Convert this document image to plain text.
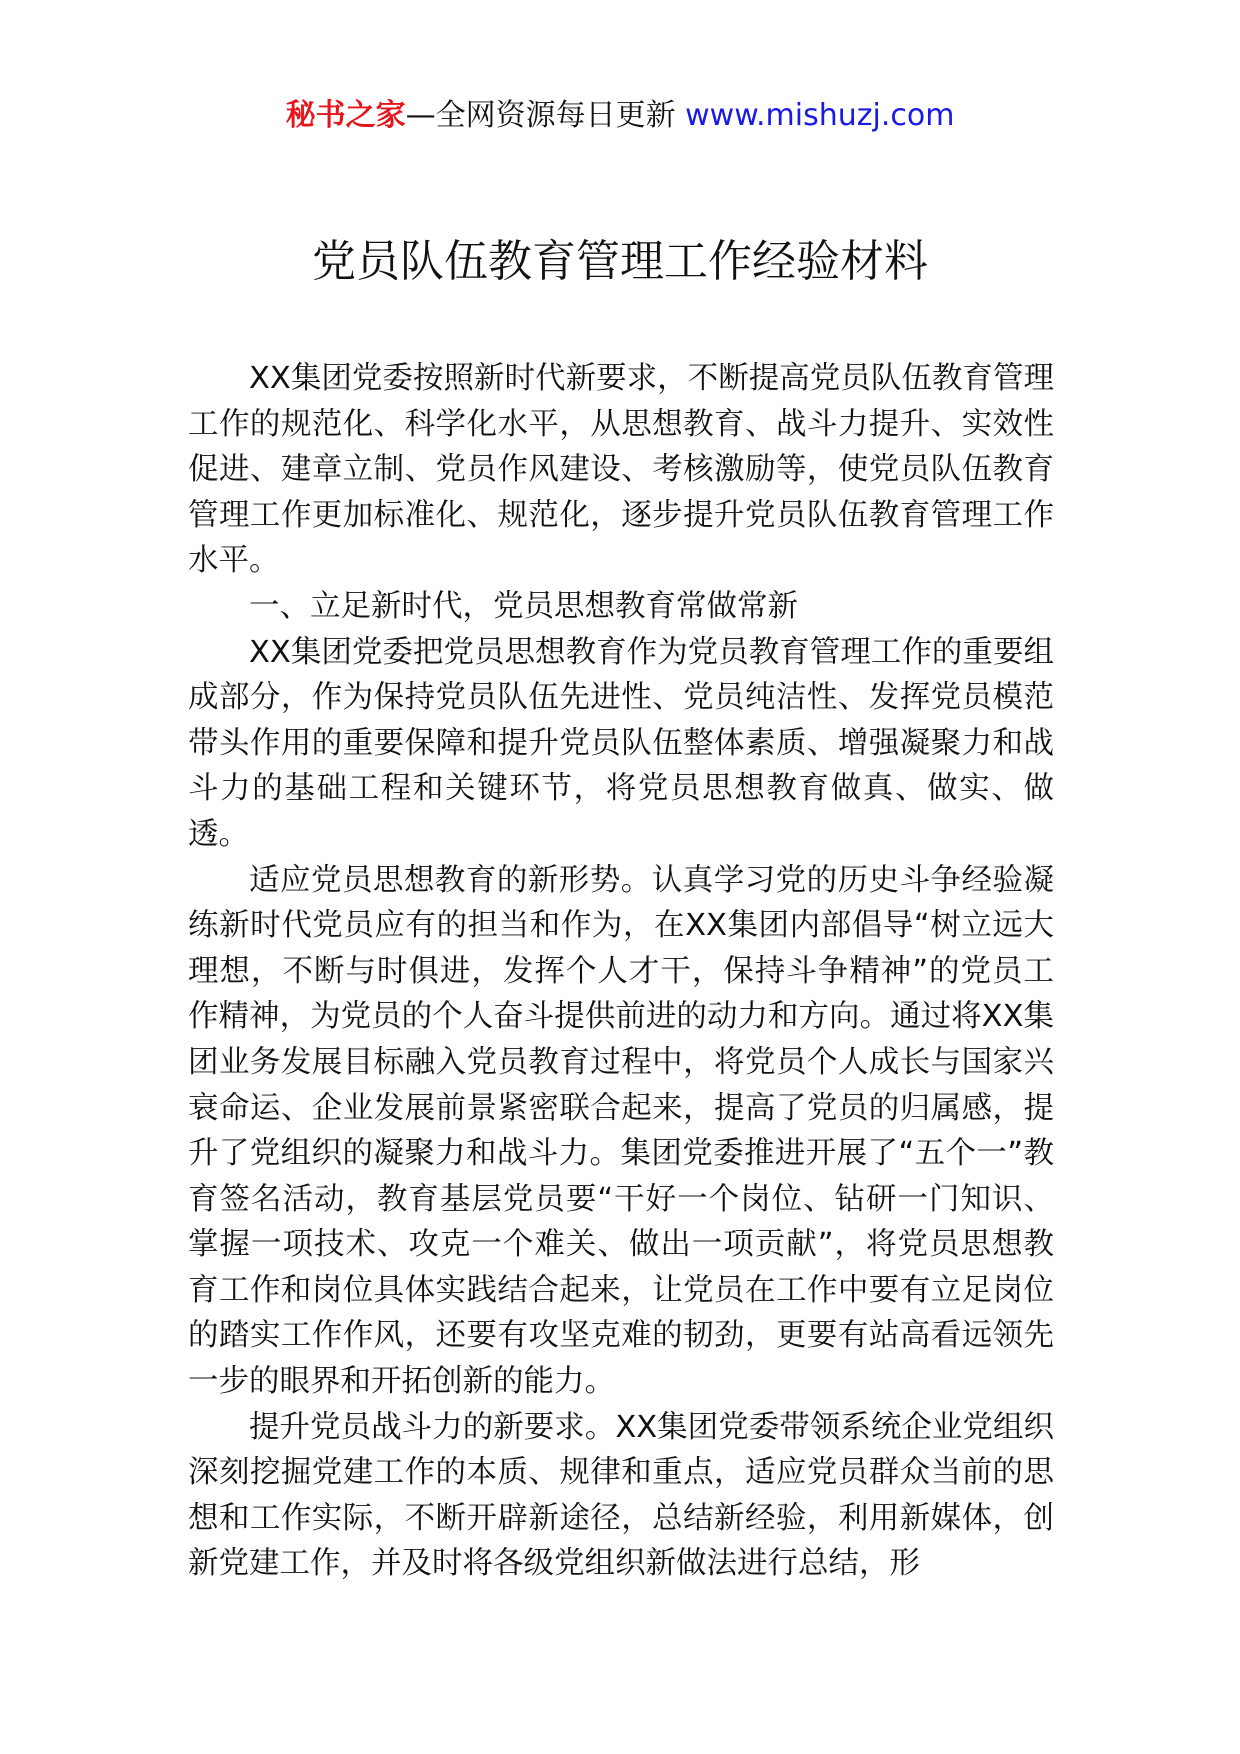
秘书之家—全网资源每日更新 www.mishuzj.com
党员队伍教育管理工作经验材料

XX集团党委按照新时代新要求，不断提高党员队伍教育管理工作的规范化、科学化水平，从思想教育、战斗力提升、实效性促进、建章立制、党员作风建设、考核激励等，使党员队伍教育管理工作更加标准化、规范化，逐步提升党员队伍教育管理工作水平。

一、立足新时代，党员思想教育常做常新

XX集团党委把党员思想教育作为党员教育管理工作的重要组成部分，作为保持党员队伍先进性、党员纯洁性、发挥党员模范带头作用的重要保障和提升党员队伍整体素质、增强凝聚力和战斗力的基础工程和关键环节，将党员思想教育做真、做实、做透。

适应党员思想教育的新形势。认真学习党的历史斗争经验凝练新时代党员应有的担当和作为，在XX集团内部倡导“树立远大理想，不断与时俱进，发挥个人才干，保持斗争精神”的党员工作精神，为党员的个人奋斗提供前进的动力和方向。通过将XX集团业务发展目标融入党员教育过程中，将党员个人成长与国家兴衰命运、企业发展前景紧密联合起来，提高了党员的归属感，提升了党组织的凝聚力和战斗力。集团党委推进开展了“五个一”教育签名活动，教育基层党员要“干好一个岗位、钻研一门知识、掌握一项技术、攻克一个难关、做出一项贡献”，将党员思想教育工作和岗位具体实践结合起来，让党员在工作中要有立足岗位的踏实工作作风，还要有攻坚克难的韧劲，更要有站高看远领先一步的眼界和开拓创新的能力。

提升党员战斗力的新要求。XX集团党委带领系统企业党组织深刻挖掘党建工作的本质、规律和重点，适应党员群众当前的思想和工作实际，不断开辟新途径，总结新经验，利用新媒体，创新党建工作，并及时将各级党组织新做法进行总结，形
